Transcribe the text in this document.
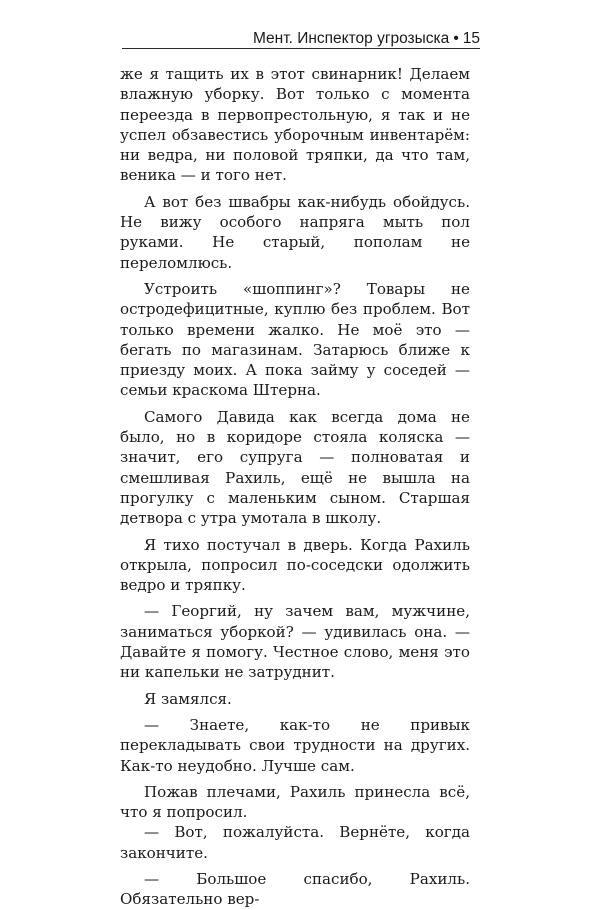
Мент. Инспектор угрозыска • 15

же я тащить их в этот свинарник! Делаем влажную уборку. Вот только с момента переезда в первопрестольную, я так и не успел обзавестись уборочным инвентарём: ни ведра, ни половой тряпки, да что там, веника — и того нет.

А вот без швабры как-нибудь обойдусь. Не вижу особого напряга мыть пол руками. Не старый, пополам не переломлюсь.

Устроить «шоппинг»? Товары не остродефицитные, куплю без проблем. Вот только времени жалко. Не моё это — бегать по магазинам. Затарюсь ближе к приезду моих. А пока займу у соседей — семьи краскома Штерна.

Самого Давида как всегда дома не было, но в коридоре стояла коляска — значит, его супруга — полноватая и смешливая Рахиль, ещё не вышла на прогулку с маленьким сыном. Старшая детвора с утра умотала в школу.

Я тихо постучал в дверь. Когда Рахиль открыла, попросил по-соседски одолжить ведро и тряпку.

— Георгий, ну зачем вам, мужчине, заниматься уборкой? — удивилась она. — Давайте я помогу. Честное слово, меня это ни капельки не затруднит.

Я замялся.

— Знаете, как-то не привык перекладывать свои трудности на других. Как-то неудобно. Лучше сам.

Пожав плечами, Рахиль принесла всё, что я попросил.

— Вот, пожалуйста. Вернёте, когда закончите.

— Большое спасибо, Рахиль. Обязательно вер-
